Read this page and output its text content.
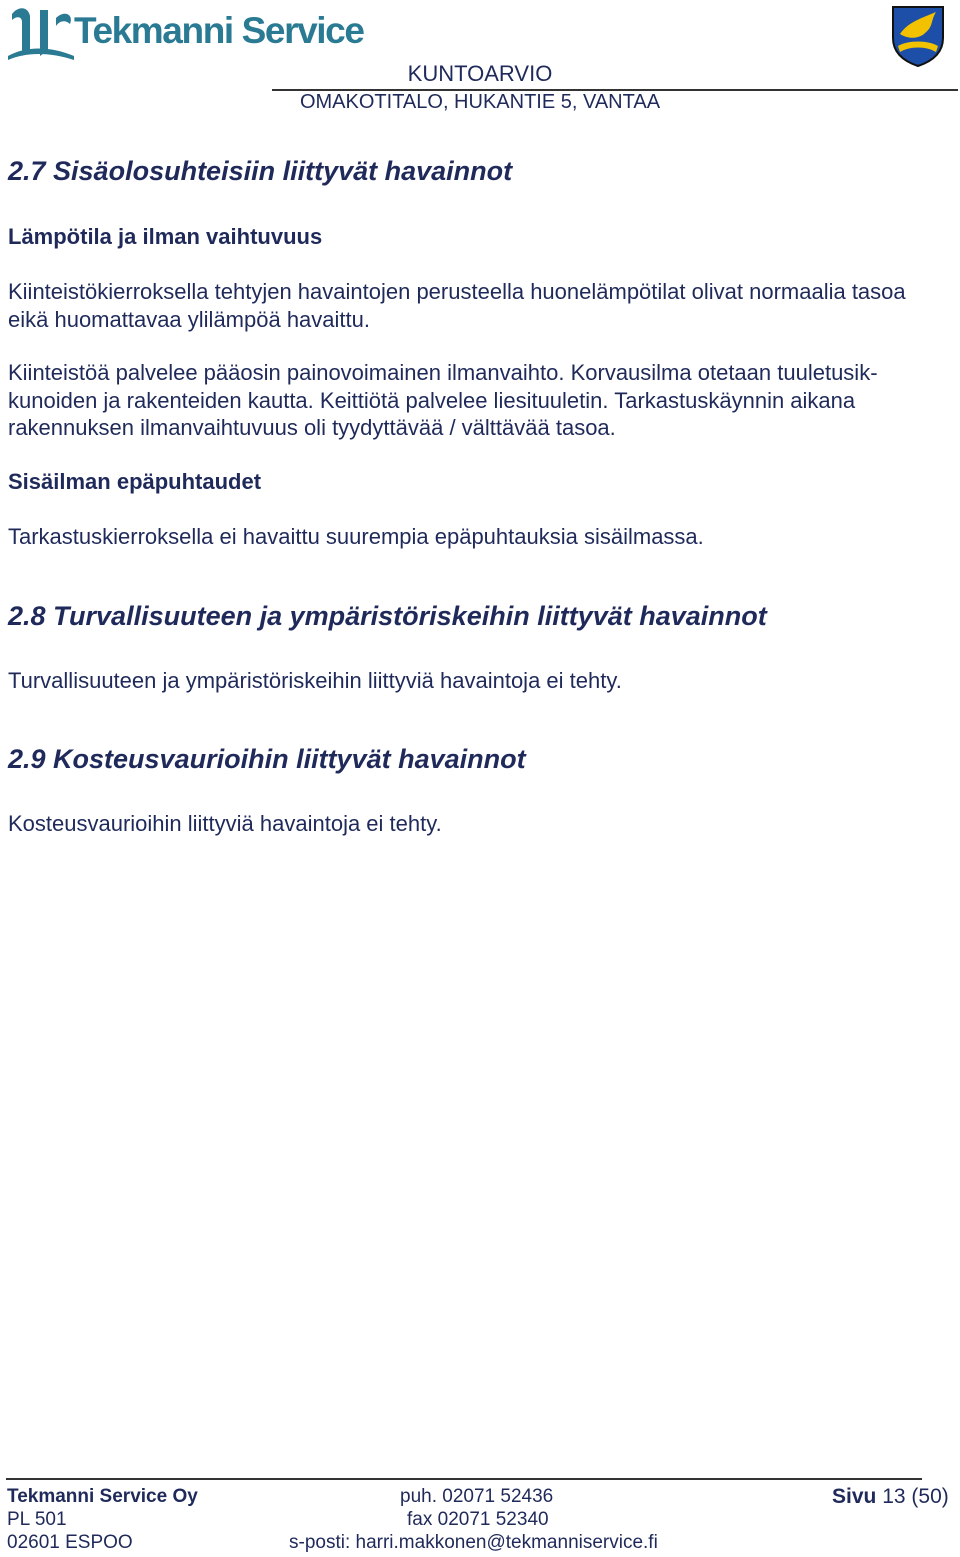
Tekmanni Service
KUNTOARVIO
OMAKOTITALO, HUKANTIE 5, VANTAA
2.7 Sisäolosuhteisiin liittyvät havainnot
Lämpötila ja ilman vaihtuvuus

Kiinteistökierroksella tehtyjen havaintojen perusteella huonelämpötilat olivat normaalia tasoa eikä huomattavaa ylilämpöä havaittu.

Kiinteistöä palvelee pääosin painovoimainen ilmanvaihto. Korvausilma otetaan tuuletusik-kunoiden ja rakenteiden kautta. Keittiötä palvelee liesituuletin. Tarkastuskäynnin aikana rakennuksen ilmanvaihtuvuus oli tyydyttävää / välttävää tasoa.

Sisäilman epäpuhtaudet

Tarkastuskierroksella ei havaittu suurempia epäpuhtauksia sisäilmassa.

2.8 Turvallisuuteen ja ympäristöriskeihin liittyvät havainnot

Turvallisuuteen ja ympäristöriskeihin liittyviä havaintoja ei tehty.

2.9 Kosteusvaurioihin liittyvät havainnot

Kosteusvaurioihin liittyviä havaintoja ei tehty.

Tekmanni Service Oy
PL 501
02601 ESPOO
puh. 02071 52436
fax 02071 52340
s-posti: harri.makkonen@tekmanniservice.fi
Sivu 13 (50)
